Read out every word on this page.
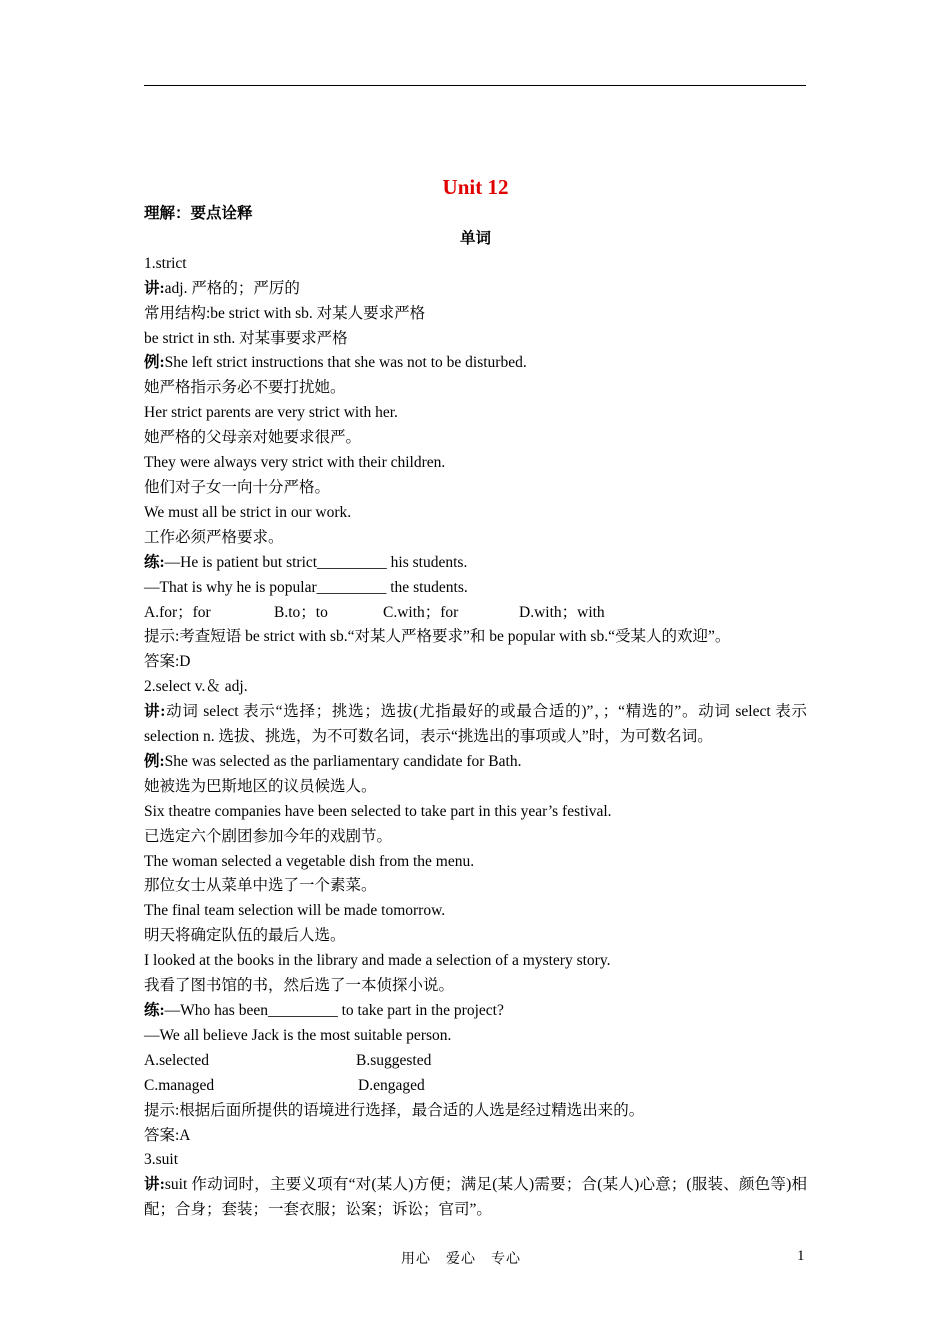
Unit 12
理解：要点诠释
单词
1.strict
讲:adj. 严格的；严厉的
常用结构:be strict with sb. 对某人要求严格
be strict in sth. 对某事要求严格
例:She left strict instructions that she was not to be disturbed.
她严格指示务必不要打扰她。
Her strict parents are very strict with her.
她严格的父母亲对她要求很严。
They were always very strict with their children.
他们对子女一向十分严格。
We must all be strict in our work.
工作必须严格要求。
练:—He is patient but strict_________ his students.
—That is why he is popular_________ the students.
A.for；for	B.to；to	C.with；for	D.with；with
提示:考查短语 be strict with sb.“对某人严格要求”和 be popular with sb.“受某人的欢迎”。
答案:D
2.select v.＆ adj.
讲:动词 select 表示“选择；挑选；选拔(尤指最好的或最合适的)”，；“精选的”。动词 select 表示 selection n. 选拔、挑选，为不可数名词，表示“挑选出的事项或人”时，为可数名词。
例:She was selected as the parliamentary candidate for Bath.
她被选为巴斯地区的议员候选人。
Six theatre companies have been selected to take part in this year’s festival.
已选定六个剧团参加今年的戏剧节。
The woman selected a vegetable dish from the menu.
那位女士从菜单中选了一个素菜。
The final team selection will be made tomorrow.
明天将确定队伍的最后人选。
I looked at the books in the library and made a selection of a mystery story.
我看了图书馆的书，然后选了一本侦探小说。
练:—Who has been_________ to take part in the project?
—We all believe Jack is the most suitable person.
A.selected	B.suggested
C.managed	D.engaged
提示:根据后面所提供的语境进行选择，最合适的人选是经过精选出来的。
答案:A
3.suit
讲:suit 作动词时，主要义项有“对(某人)方便；满足(某人)需要；合(某人)心意；(服装、颜色等)相配；合身；套装；一套衣服；讼案；诉讼；官司”。
用心　爱心　专心	1
